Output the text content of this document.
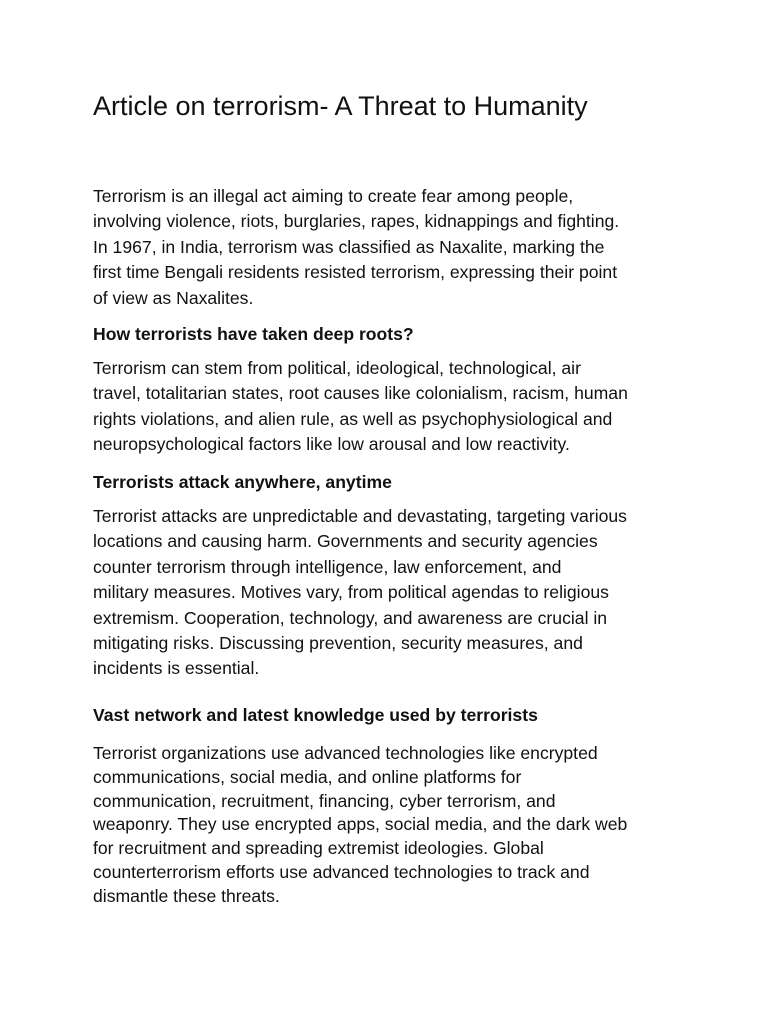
Article on terrorism- A Threat to Humanity
Terrorism is an illegal act aiming to create fear among people,
involving violence, riots, burglaries, rapes, kidnappings and fighting.
In 1967, in India, terrorism was classified as Naxalite, marking the
first time Bengali residents resisted terrorism, expressing their point
of view as Naxalites.
How terrorists have taken deep roots?
Terrorism can stem from political, ideological, technological, air
travel, totalitarian states, root causes like colonialism, racism, human
rights violations, and alien rule, as well as psychophysiological and
neuropsychological factors like low arousal and low reactivity.
Terrorists attack anywhere, anytime
Terrorist attacks are unpredictable and devastating, targeting various
locations and causing harm. Governments and security agencies
counter terrorism through intelligence, law enforcement, and
military measures. Motives vary, from political agendas to religious
extremism. Cooperation, technology, and awareness are crucial in
mitigating risks. Discussing prevention, security measures, and
incidents is essential.
Vast network and latest knowledge used by terrorists
Terrorist organizations use advanced technologies like encrypted
communications, social media, and online platforms for
communication, recruitment, financing, cyber terrorism, and
weaponry. They use encrypted apps, social media, and the dark web
for recruitment and spreading extremist ideologies. Global
counterterrorism efforts use advanced technologies to track and
dismantle these threats.
